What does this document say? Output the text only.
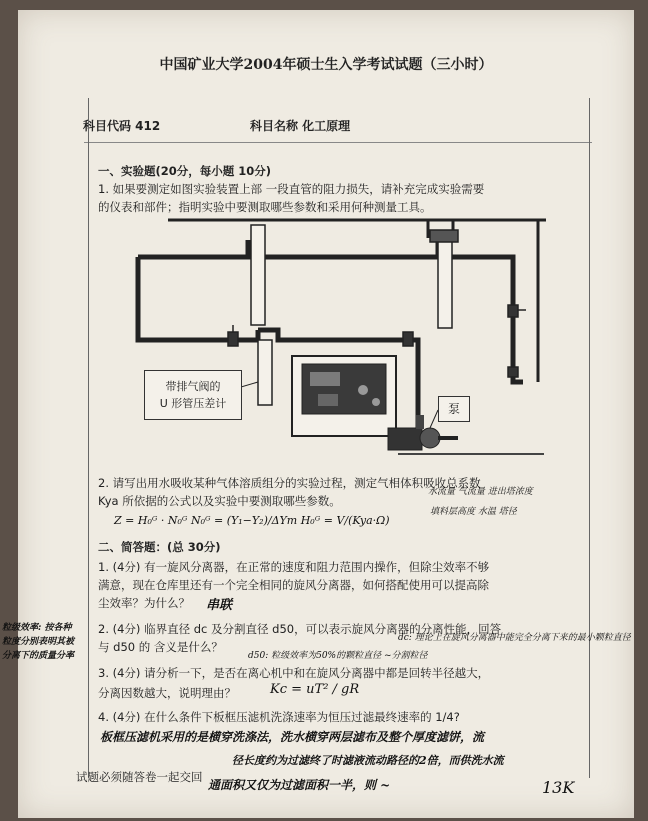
中国矿业大学2004年硕士生入学考试试题（三小时）
科目代码 412	科目名称 化工原理
一、实验题(20分，每小题 10分)
1. 如果要测定如图实验装置上部 一段直管的阻力损失，请补充完成实验需要
的仪表和部件；指明实验中要测取哪些参数和采用何种测量工具。
带排气阀的
U 形管压差计	泵
2. 请写出用水吸收某种气体溶质组分的实验过程，测定气相体积吸收总系数
Kya 所依据的公式以及实验中要测取哪些参数。
水流量 气流量 进出塔浓度
填料层高度 水温 塔径
Z = H₀ᴳ · N₀ᴳ N₀ᴳ = (Y₁−Y₂)/ΔYm H₀ᴳ = V/(Kya·Ω)
二、简答题：(总 30分)
1. (4分) 有一旋风分离器，在正常的速度和阻力范围内操作，但除尘效率不够
满意，现在仓库里还有一个完全相同的旋风分离器，如何搭配使用可以提高除
尘效率？为什么？ 串联
2. (4分) 临界直径 dc 及分割直径 d50，可以表示旋风分离器的分离性能，回答
与 d50 的 含义是什么？
dc: 理论上在旋风分离器中能完全分离下来的最小颗粒直径
d50: 粒级效率为50%的颗粒直径 ~分割粒径
粒级效率: 按各种
粒度分别表明其被
分离下的质量分率
3. (4分) 请分析一下，是否在离心机中和在旋风分离器中都是回转半径越大，
分离因数越大，说明理由？	Kc = uT² / gR
4. (4分) 在什么条件下板框压滤机洗涤速率为恒压过滤最终速率的 1/4?
板框压滤机采用的是横穿洗涤法，洗水横穿两层滤布及整个厚度滤饼，流
径长度约为过滤终了时滤液流动路径的2倍，而供洗水流
通面积又仅为过滤面积一半，则 ~	13K
试题必须随答卷一起交回
